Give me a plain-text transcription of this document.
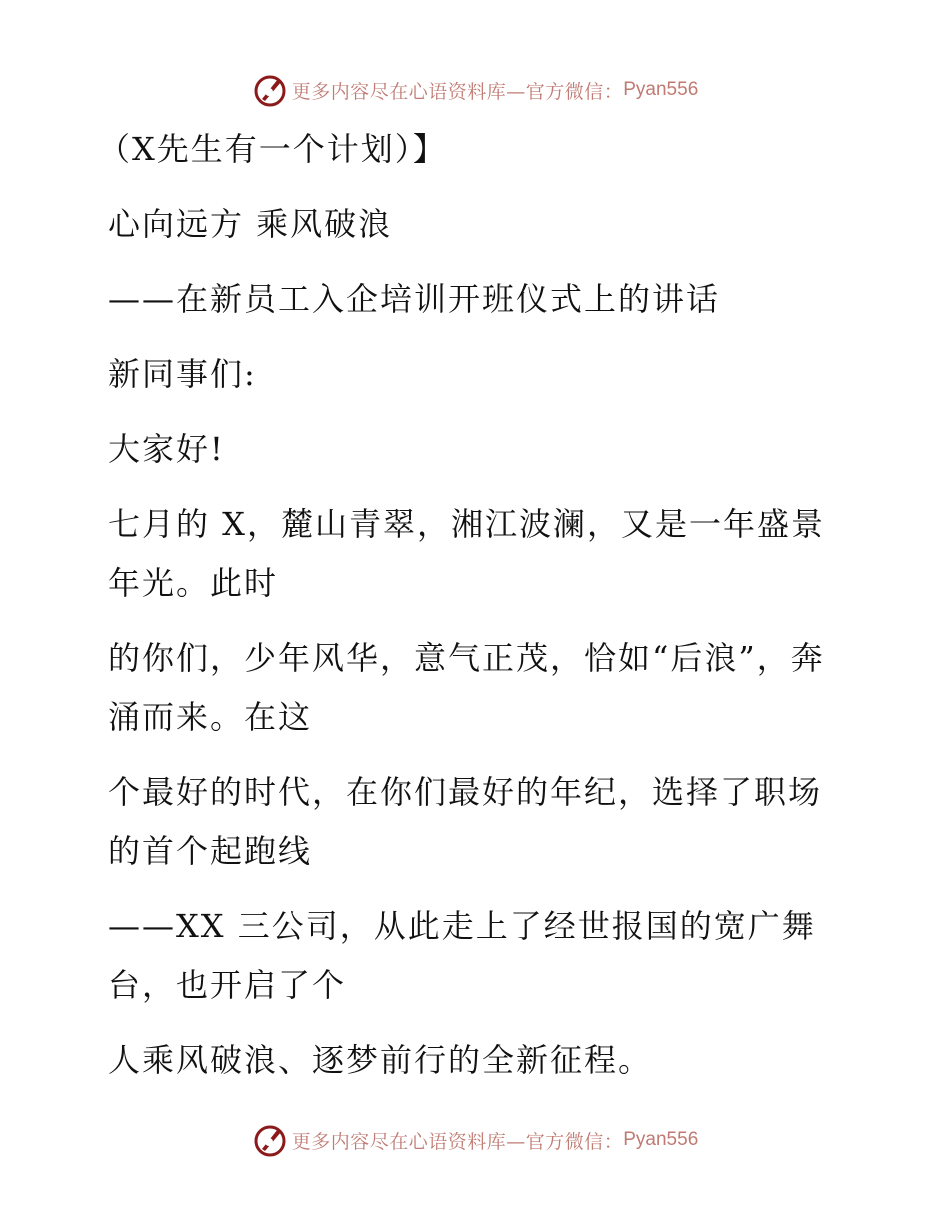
更多内容尽在心语资料库—官方微信： Pyan556
（X先生有一个计划）】
心向远方 乘风破浪
——在新员工入企培训开班仪式上的讲话
新同事们:
大家好!
七月的 X，麓山青翠，湘江波澜，又是一年盛景年光。此时
的你们，少年风华，意气正茂，恰如“后浪”，奔涌而来。在这
个最好的时代，在你们最好的年纪，选择了职场的首个起跑线
——XX 三公司，从此走上了经世报国的宽广舞台，也开启了个
人乘风破浪、逐梦前行的全新征程。
更多内容尽在心语资料库—官方微信： Pyan556
